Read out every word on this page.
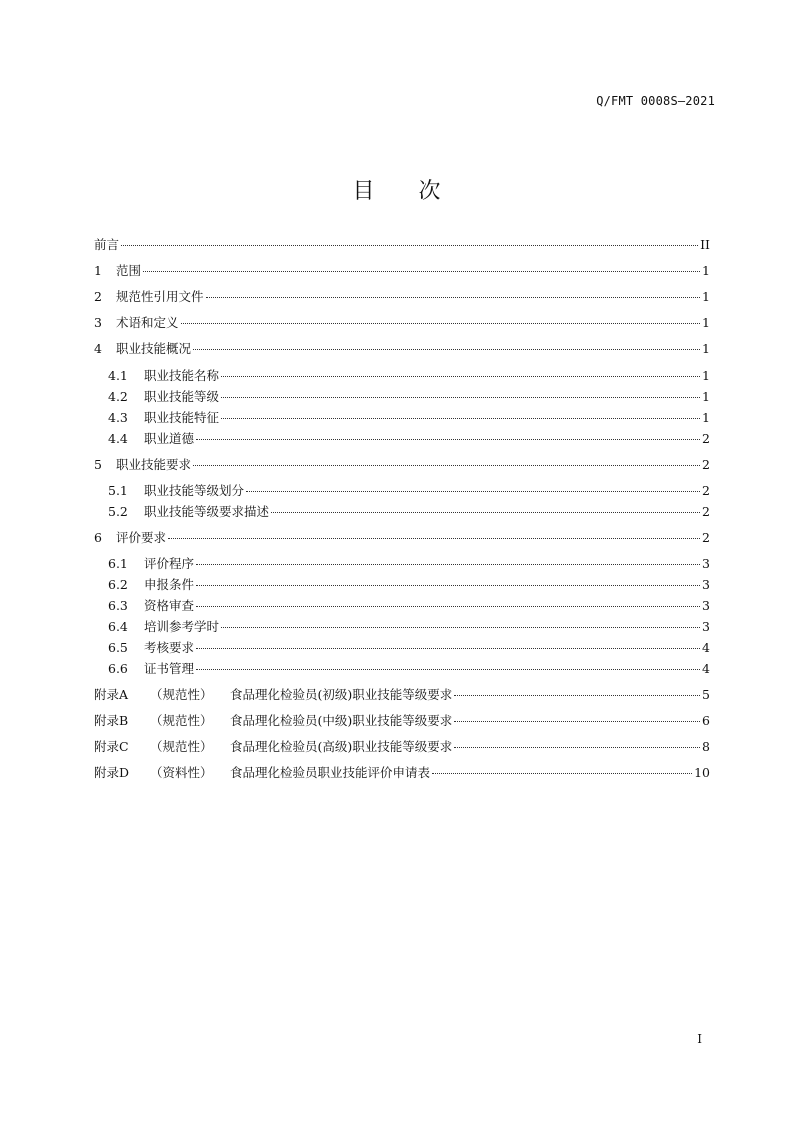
Q/FMT 0008S—2021
目 次
前言	II
1	范围	1
2	规范性引用文件	1
3	术语和定义	1
4	职业技能概况	1
4.1	职业技能名称	1
4.2	职业技能等级	1
4.3	职业技能特征	1
4.4	职业道德	2
5	职业技能要求	2
5.1	职业技能等级划分	2
5.2	职业技能等级要求描述	2
6	评价要求	2
6.1	评价程序	3
6.2	申报条件	3
6.3	资格审查	3
6.4	培训参考学时	3
6.5	考核要求	4
6.6	证书管理	4
附录A	（规范性）	食品理化检验员(初级)职业技能等级要求	5
附录B	（规范性）	食品理化检验员(中级)职业技能等级要求	6
附录C	（规范性）	食品理化检验员(高级)职业技能等级要求	8
附录D	（资料性）	食品理化检验员职业技能评价申请表	10
I
